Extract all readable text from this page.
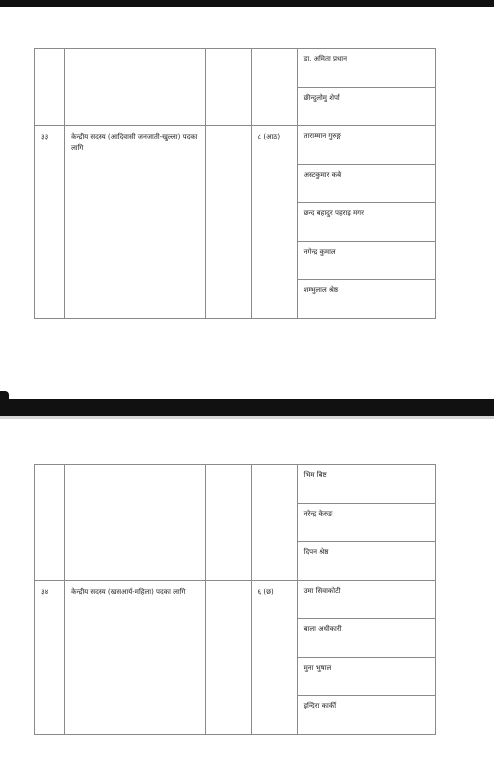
				डा. अमिता प्रधान

				छीन्दुलोमु शेर्पा

३३	केन्द्रीय सदस्य (आदिवासी जनजाती-खुल्ला) पदका लागि		८ (आठ)	ताराम्मान गुरुङ्ग

				अस्टकुमार कबे

				छन्द बहादुर पहराइ मगर

				नगेन्द्र कुमाल

				शम्भुलाल श्रेष्ठ

				भिम बिष्ट

				नरेन्द्र केरुङ

				दिपन श्रेष्ठ

३४	केन्द्रीय सदस्य (खसआर्य-महिला) पदका लागि		६ (छ)	उमा सिवाकोटी

				बाला अधीकारी

				मुना भुषाल

				इन्दिरा कार्की
